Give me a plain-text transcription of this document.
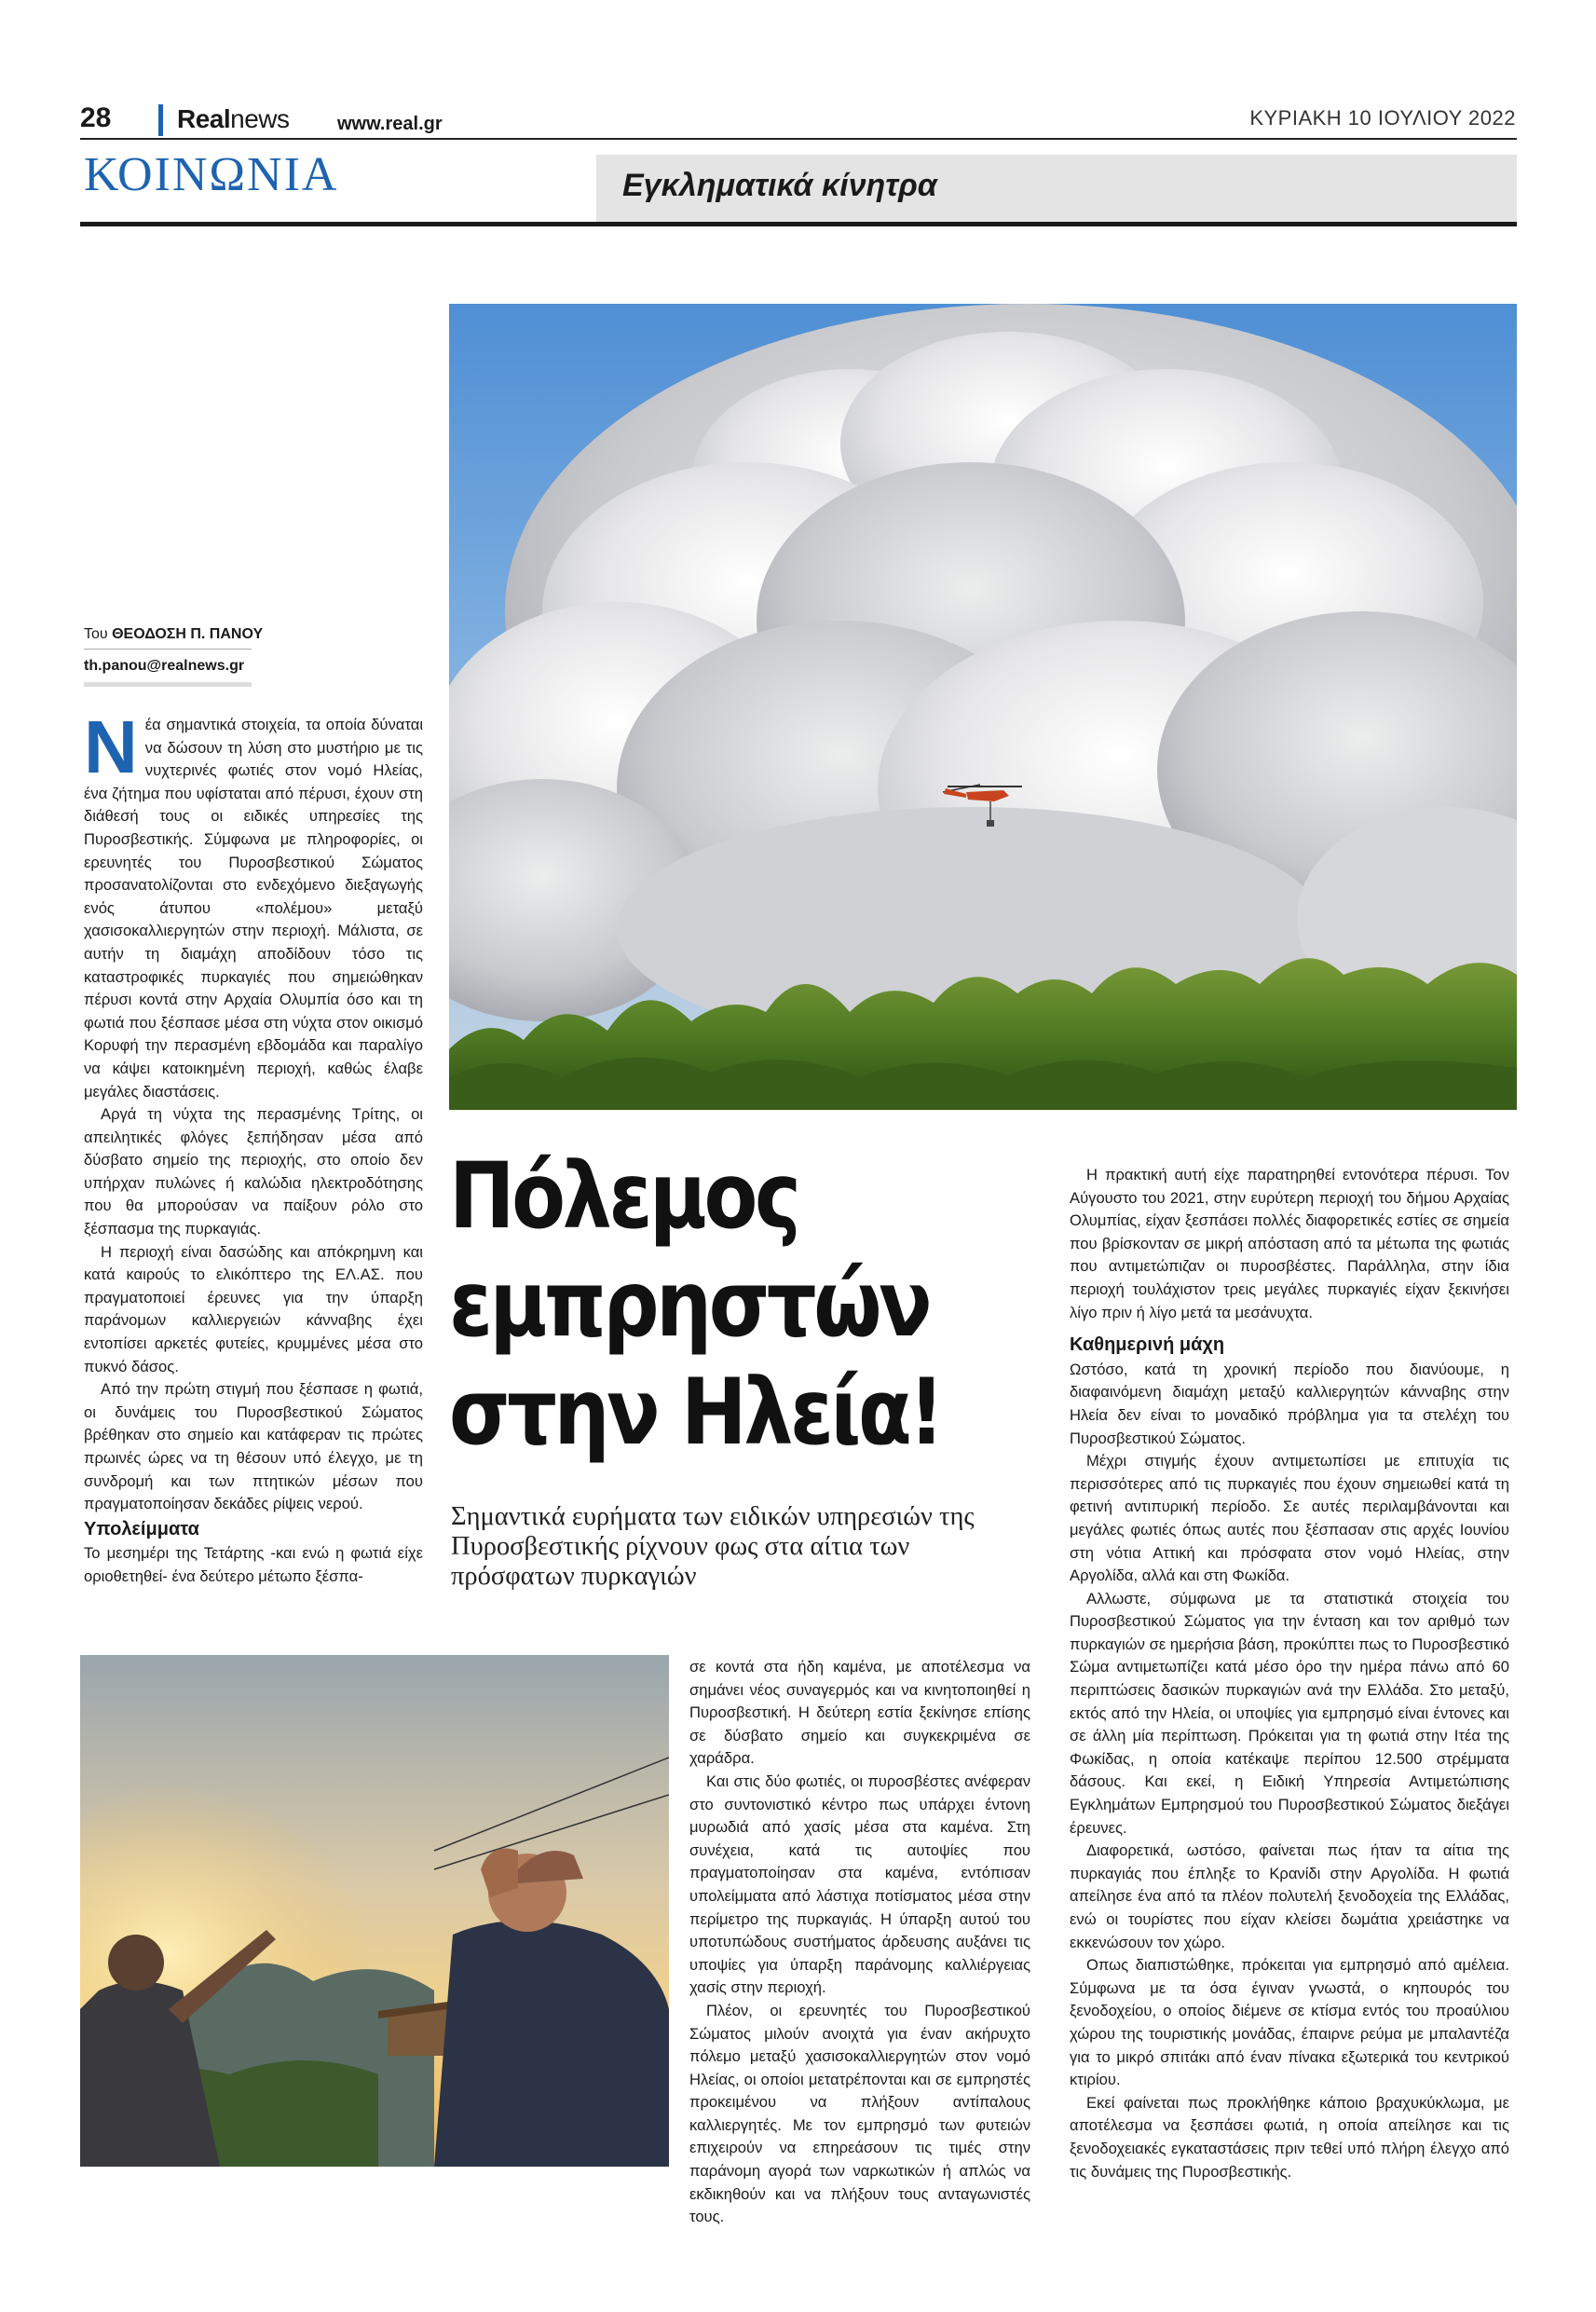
28	Realnews	www.real.gr	ΚΥΡΙΑΚΗ 10 ΙΟΥΛΙΟΥ 2022
ΚΟΙΝΩΝΙΑ	Εγκληματικά κίνητρα
Του ΘΕΟΔΟΣΗ Π. ΠΑΝΟΥ
th.panou@realnews.gr

Νέα σημαντικά στοιχεία, τα οποία δύναται να δώσουν τη λύση στο μυστήριο με τις νυχτερινές φωτιές στον νομό Ηλείας, ένα ζήτημα που υφίσταται από πέρυσι, έχουν στη διάθεσή τους οι ειδικές υπηρεσίες της Πυροσβεστικής. Σύμφωνα με πληροφορίες, οι ερευνητές του Πυροσβεστικού Σώματος προσανατολίζονται στο ενδεχόμενο διεξαγωγής ενός άτυπου «πολέμου» μεταξύ χασισοκαλλιεργητών στην περιοχή. Μάλιστα, σε αυτήν τη διαμάχη αποδίδουν τόσο τις καταστροφικές πυρκαγιές που σημειώθηκαν πέρυσι κοντά στην Αρχαία Ολυμπία όσο και τη φωτιά που ξέσπασε μέσα στη νύχτα στον οικισμό Κορυφή την περασμένη εβδομάδα και παραλίγο να κάψει κατοικημένη περιοχή, καθώς έλαβε μεγάλες διαστάσεις.

Αργά τη νύχτα της περασμένης Τρίτης, οι απειλητικές φλόγες ξεπήδησαν μέσα από δύσβατο σημείο της περιοχής, στο οποίο δεν υπήρχαν πυλώνες ή καλώδια ηλεκτροδότησης που θα μπορούσαν να παίξουν ρόλο στο ξέσπασμα της πυρκαγιάς.

Η περιοχή είναι δασώδης και απόκρημνη και κατά καιρούς το ελικόπτερο της ΕΛ.ΑΣ. που πραγματοποιεί έρευνες για την ύπαρξη παράνομων καλλιεργειών κάνναβης έχει εντοπίσει αρκετές φυτείες, κρυμμένες μέσα στο πυκνό δάσος.

Από την πρώτη στιγμή που ξέσπασε η φωτιά, οι δυνάμεις του Πυροσβεστικού Σώματος βρέθηκαν στο σημείο και κατάφεραν τις πρώτες πρωινές ώρες να τη θέσουν υπό έλεγχο, με τη συνδρομή και των πτητικών μέσων που πραγματοποίησαν δεκάδες ρίψεις νερού.

Υπολείμματα

Το μεσημέρι της Τετάρτης -και ενώ η φωτιά είχε οριοθετηθεί- ένα δεύτερο μέτωπο ξέσπα-

Πόλεμος
εμπρηστών
στην Ηλεία!
Σημαντικά ευρήματα των ειδικών υπηρεσιών της Πυροσβεστικής ρίχνουν φως στα αίτια των πρόσφατων πυρκαγιών

σε κοντά στα ήδη καμένα, με αποτέλεσμα να σημάνει νέος συναγερμός και να κινητοποιηθεί η Πυροσβεστική. Η δεύτερη εστία ξεκίνησε επίσης σε δύσβατο σημείο και συγκεκριμένα σε χαράδρα.

Και στις δύο φωτιές, οι πυροσβέστες ανέφεραν στο συντονιστικό κέντρο πως υπάρχει έντονη μυρωδιά από χασίς μέσα στα καμένα. Στη συνέχεια, κατά τις αυτοψίες που πραγματοποίησαν στα καμένα, εντόπισαν υπολείμματα από λάστιχα ποτίσματος μέσα στην περίμετρο της πυρκαγιάς. Η ύπαρξη αυτού του υποτυπώδους συστήματος άρδευσης αυξάνει τις υποψίες για ύπαρξη παράνομης καλλιέργειας χασίς στην περιοχή.

Πλέον, οι ερευνητές του Πυροσβεστικού Σώματος μιλούν ανοιχτά για έναν ακήρυχτο πόλεμο μεταξύ χασισοκαλλιεργητών στον νομό Ηλείας, οι οποίοι μετατρέπονται και σε εμπρηστές προκειμένου να πλήξουν αντίπαλους καλλιεργητές. Με τον εμπρησμό των φυτειών επιχειρούν να επηρεάσουν τις τιμές στην παράνομη αγορά των ναρκωτικών ή απλώς να εκδικηθούν και να πλήξουν τους ανταγωνιστές τους.

Η πρακτική αυτή είχε παρατηρηθεί εντονότερα πέρυσι. Τον Αύγουστο του 2021, στην ευρύτερη περιοχή του δήμου Αρχαίας Ολυμπίας, είχαν ξεσπάσει πολλές διαφορετικές εστίες σε σημεία που βρίσκονταν σε μικρή απόσταση από τα μέτωπα της φωτιάς που αντιμετώπιζαν οι πυροσβέστες. Παράλληλα, στην ίδια περιοχή τουλάχιστον τρεις μεγάλες πυρκαγιές είχαν ξεκινήσει λίγο πριν ή λίγο μετά τα μεσάνυχτα.

Καθημερινή μάχη

Ωστόσο, κατά τη χρονική περίοδο που διανύουμε, η διαφαινόμενη διαμάχη μεταξύ καλλιεργητών κάνναβης στην Ηλεία δεν είναι το μοναδικό πρόβλημα για τα στελέχη του Πυροσβεστικού Σώματος.

Μέχρι στιγμής έχουν αντιμετωπίσει με επιτυχία τις περισσότερες από τις πυρκαγιές που έχουν σημειωθεί κατά τη φετινή αντιπυρική περίοδο. Σε αυτές περιλαμβάνονται και μεγάλες φωτιές όπως αυτές που ξέσπασαν στις αρχές Ιουνίου στη νότια Αττική και πρόσφατα στον νομό Ηλείας, στην Αργολίδα, αλλά και στη Φωκίδα.

Αλλωστε, σύμφωνα με τα στατιστικά στοιχεία του Πυροσβεστικού Σώματος για την ένταση και τον αριθμό των πυρκαγιών σε ημερήσια βάση, προκύπτει πως το Πυροσβεστικό Σώμα αντιμετωπίζει κατά μέσο όρο την ημέρα πάνω από 60 περιπτώσεις δασικών πυρκαγιών ανά την Ελλάδα. Στο μεταξύ, εκτός από την Ηλεία, οι υποψίες για εμπρησμό είναι έντονες και σε άλλη μία περίπτωση. Πρόκειται για τη φωτιά στην Ιτέα της Φωκίδας, η οποία κατέκαψε περίπου 12.500 στρέμματα δάσους. Και εκεί, η Ειδική Υπηρεσία Αντιμετώπισης Εγκλημάτων Εμπρησμού του Πυροσβεστικού Σώματος διεξάγει έρευνες.

Διαφορετικά, ωστόσο, φαίνεται πως ήταν τα αίτια της πυρκαγιάς που έπληξε το Κρανίδι στην Αργολίδα. Η φωτιά απείλησε ένα από τα πλέον πολυτελή ξενοδοχεία της Ελλάδας, ενώ οι τουρίστες που είχαν κλείσει δωμάτια χρειάστηκε να εκκενώσουν τον χώρο.

Οπως διαπιστώθηκε, πρόκειται για εμπρησμό από αμέλεια. Σύμφωνα με τα όσα έγιναν γνωστά, ο κηπουρός του ξενοδοχείου, ο οποίος διέμενε σε κτίσμα εντός του προαύλιου χώρου της τουριστικής μονάδας, έπαιρνε ρεύμα με μπαλαντέζα για το μικρό σπιτάκι από έναν πίνακα εξωτερικά του κεντρικού κτιρίου.

Εκεί φαίνεται πως προκλήθηκε κάποιο βραχυκύκλωμα, με αποτέλεσμα να ξεσπάσει φωτιά, η οποία απείλησε και τις ξενοδοχειακές εγκαταστάσεις πριν τεθεί υπό πλήρη έλεγχο από τις δυνάμεις της Πυροσβεστικής.
